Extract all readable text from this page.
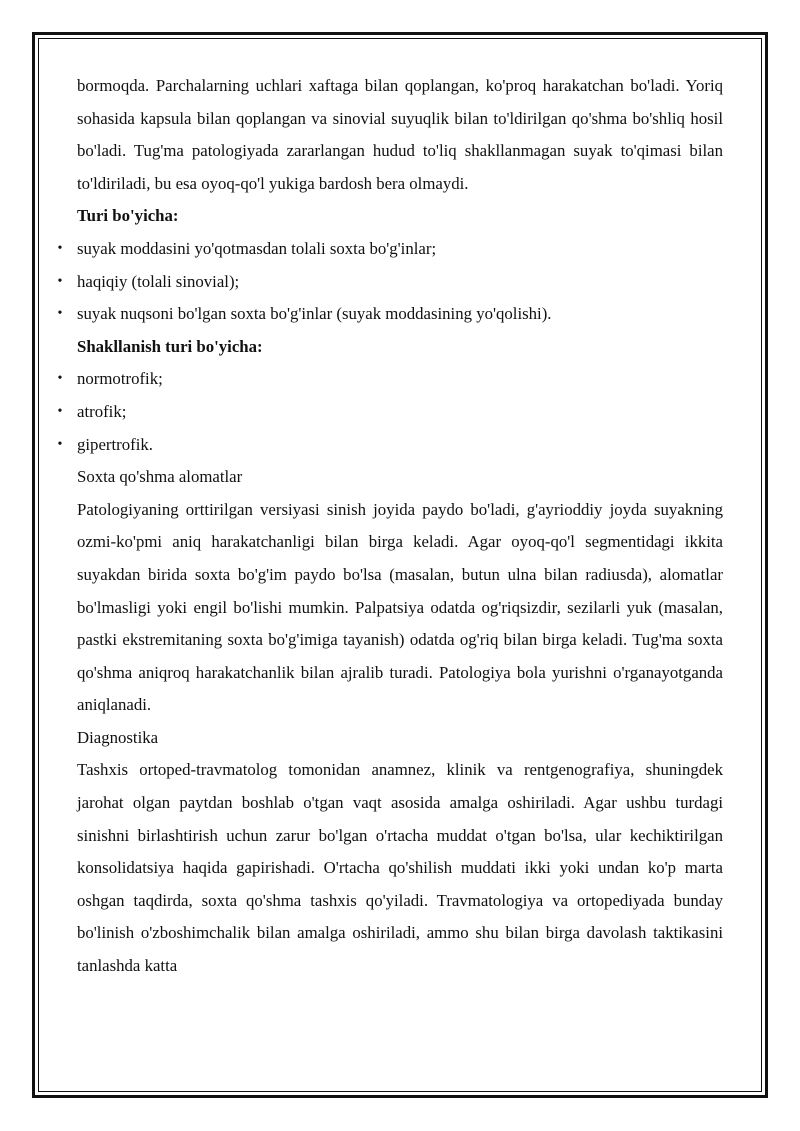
bormoqda. Parchalarning uchlari xaftaga bilan qoplangan, ko'proq harakatchan bo'ladi. Yoriq sohasida kapsula bilan qoplangan va sinovial suyuqlik bilan to'ldirilgan qo'shma bo'shliq hosil bo'ladi. Tug'ma patologiyada zararlangan hudud to'liq shakllanmagan suyak to'qimasi bilan to'ldiriladi, bu esa oyoq-qo'l yukiga bardosh bera olmaydi.

Turi bo'yicha:

• suyak moddasini yo'qotmasdan tolali soxta bo'g'inlar;
• haqiqiy (tolali sinovial);
• suyak nuqsoni bo'lgan soxta bo'g'inlar (suyak moddasining yo'qolishi).

Shakllanish turi bo'yicha:

• normotrofik;
• atrofik;
• gipertrofik.

Soxta qo'shma alomatlar

Patologiyaning orttirilgan versiyasi sinish joyida paydo bo'ladi, g'ayrioddiy joyda suyakning ozmi-ko'pmi aniq harakatchanligi bilan birga keladi. Agar oyoq-qo'l segmentidagi ikkita suyakdan birida soxta bo'g'im paydo bo'lsa (masalan, butun ulna bilan radiusda), alomatlar bo'lmasligi yoki engil bo'lishi mumkin. Palpatsiya odatda og'riqsizdir, sezilarli yuk (masalan, pastki ekstremitaning soxta bo'g'imiga tayanish) odatda og'riq bilan birga keladi. Tug'ma soxta qo'shma aniqroq harakatchanlik bilan ajralib turadi. Patologiya bola yurishni o'rganayotganda aniqlanadi.

Diagnostika

Tashxis ortoped-travmatolog tomonidan anamnez, klinik va rentgenografiya, shuningdek jarohat olgan paytdan boshlab o'tgan vaqt asosida amalga oshiriladi. Agar ushbu turdagi sinishni birlashtirish uchun zarur bo'lgan o'rtacha muddat o'tgan bo'lsa, ular kechiktirilgan konsolidatsiya haqida gapirishadi. O'rtacha qo'shilish muddati ikki yoki undan ko'p marta oshgan taqdirda, soxta qo'shma tashxis qo'yiladi. Travmatologiya va ortopediyada bunday bo'linish o'zboshimchalik bilan amalga oshiriladi, ammo shu bilan birga davolash taktikasini tanlashda katta
